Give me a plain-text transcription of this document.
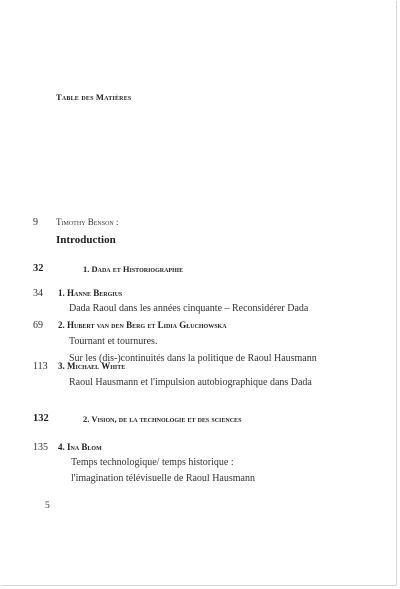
Table des Matières
9 Timothy Benson :
Introduction
32	1. Dada et Historiographie
34 1. Hanne Bergius
Dada Raoul dans les années cinquante – Reconsidérer Dada
69 2. Hubert van den Berg et Lidia Głuchowska
Tournant et tournures.
Sur les (dis-)continuités dans la politique de Raoul Hausmann
113 3. Michael White
Raoul Hausmann et l'impulsion autobiographique dans Dada
132	2. Vision, de la technologie et des sciences
135 4. Ina Blom
Temps technologique/ temps historique :
l'imagination télévisuelle de Raoul Hausmann
5
